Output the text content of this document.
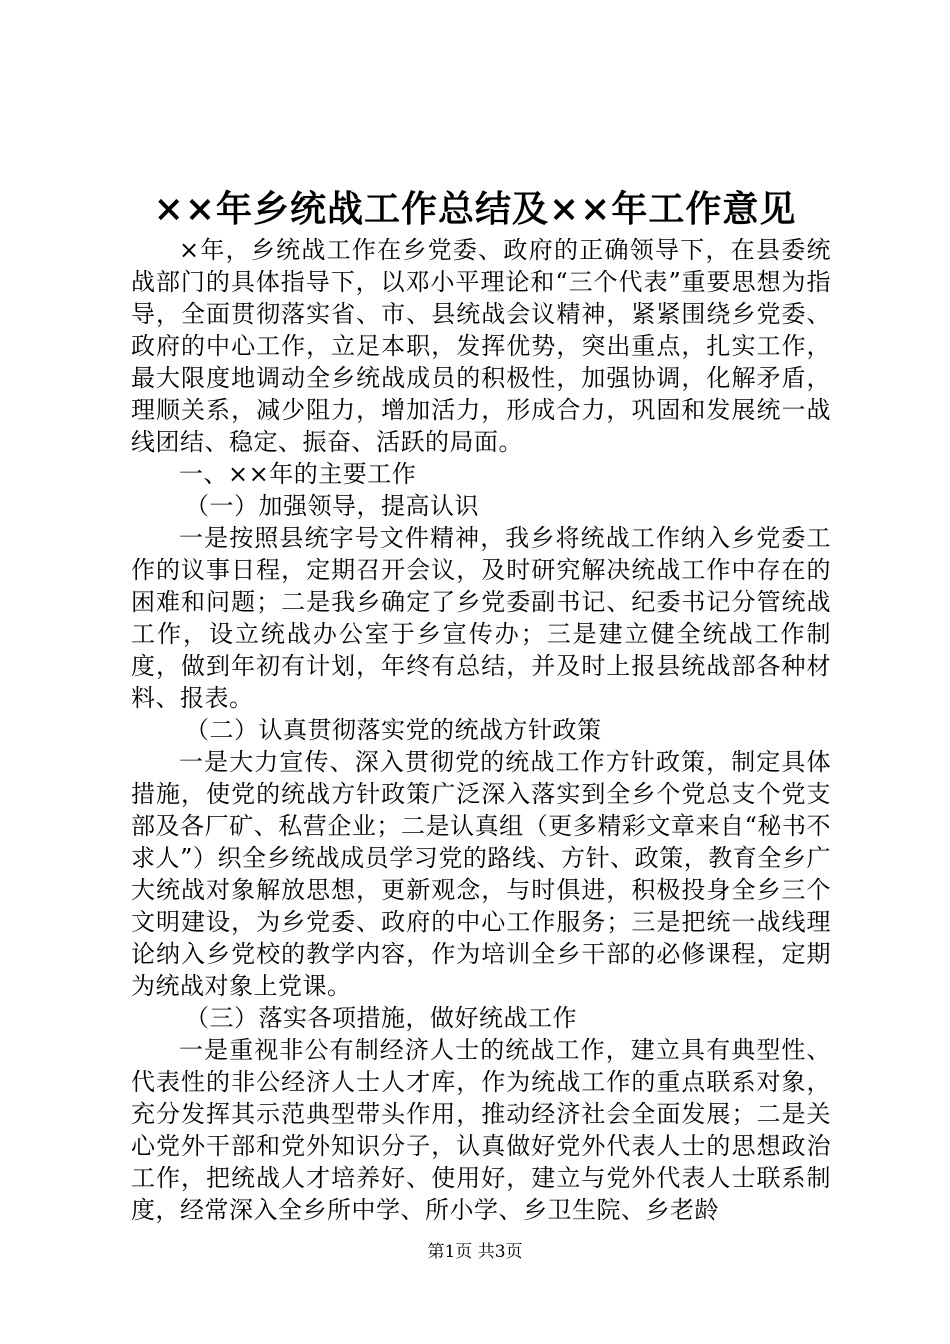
××年乡统战工作总结及××年工作意见

×年，乡统战工作在乡党委、政府的正确领导下，在县委统战部门的具体指导下，以邓小平理论和“三个代表”重要思想为指导，全面贯彻落实省、市、县统战会议精神，紧紧围绕乡党委、政府的中心工作，立足本职，发挥优势，突出重点，扎实工作，最大限度地调动全乡统战成员的积极性，加强协调，化解矛盾，理顺关系，减少阻力，增加活力，形成合力，巩固和发展统一战线团结、稳定、振奋、活跃的局面。

一、××年的主要工作

（一）加强领导，提高认识

一是按照县统字号文件精神，我乡将统战工作纳入乡党委工作的议事日程，定期召开会议，及时研究解决统战工作中存在的困难和问题；二是我乡确定了乡党委副书记、纪委书记分管统战工作，设立统战办公室于乡宣传办；三是建立健全统战工作制度，做到年初有计划，年终有总结，并及时上报县统战部各种材料、报表。

（二）认真贯彻落实党的统战方针政策

一是大力宣传、深入贯彻党的统战工作方针政策，制定具体措施，使党的统战方针政策广泛深入落实到全乡个党总支个党支部及各厂矿、私营企业；二是认真组（更多精彩文章来自“秘书不求人”）织全乡统战成员学习党的路线、方针、政策，教育全乡广大统战对象解放思想，更新观念，与时俱进，积极投身全乡三个文明建设，为乡党委、政府的中心工作服务；三是把统一战线理论纳入乡党校的教学内容，作为培训全乡干部的必修课程，定期为统战对象上党课。

（三）落实各项措施，做好统战工作

一是重视非公有制经济人士的统战工作，建立具有典型性、代表性的非公经济人士人才库，作为统战工作的重点联系对象，充分发挥其示范典型带头作用，推动经济社会全面发展；二是关心党外干部和党外知识分子，认真做好党外代表人士的思想政治工作，把统战人才培养好、使用好，建立与党外代表人士联系制度，经常深入全乡所中学、所小学、乡卫生院、乡老龄

第1页 共3页
